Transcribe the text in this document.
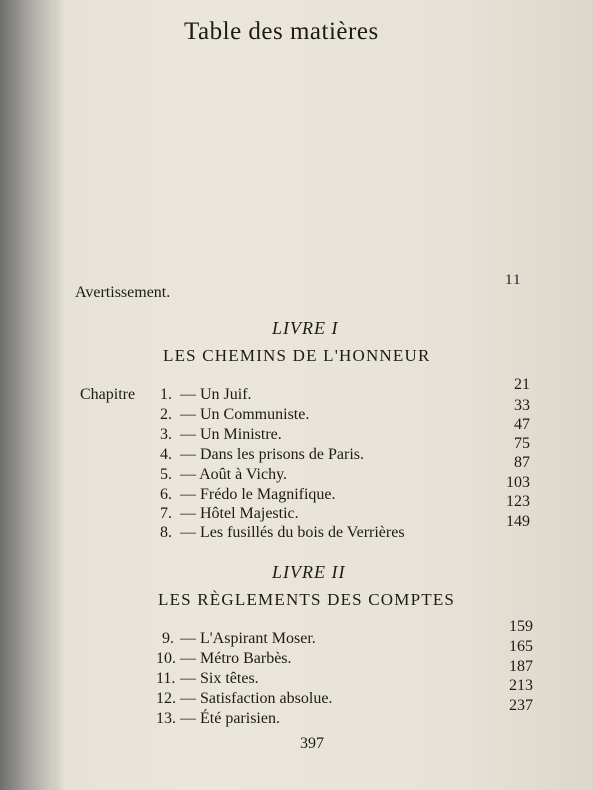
Table des matières
Avertissement.
11
LIVRE I
LES CHEMINS DE L'HONNEUR
Chapitre 1. — Un Juif.
21
2. — Un Communiste.
33
3. — Un Ministre.
47
4. — Dans les prisons de Paris.
75
5. — Août à Vichy.
87
6. — Frédo le Magnifique.
103
7. — Hôtel Majestic.
123
8. — Les fusillés du bois de Verrières
149
LIVRE II
LES RÈGLEMENTS DES COMPTES
9. — L'Aspirant Moser.
159
10. — Métro Barbès.
165
11. — Six têtes.
187
12. — Satisfaction absolue.
213
13. — Été parisien.
237
397
